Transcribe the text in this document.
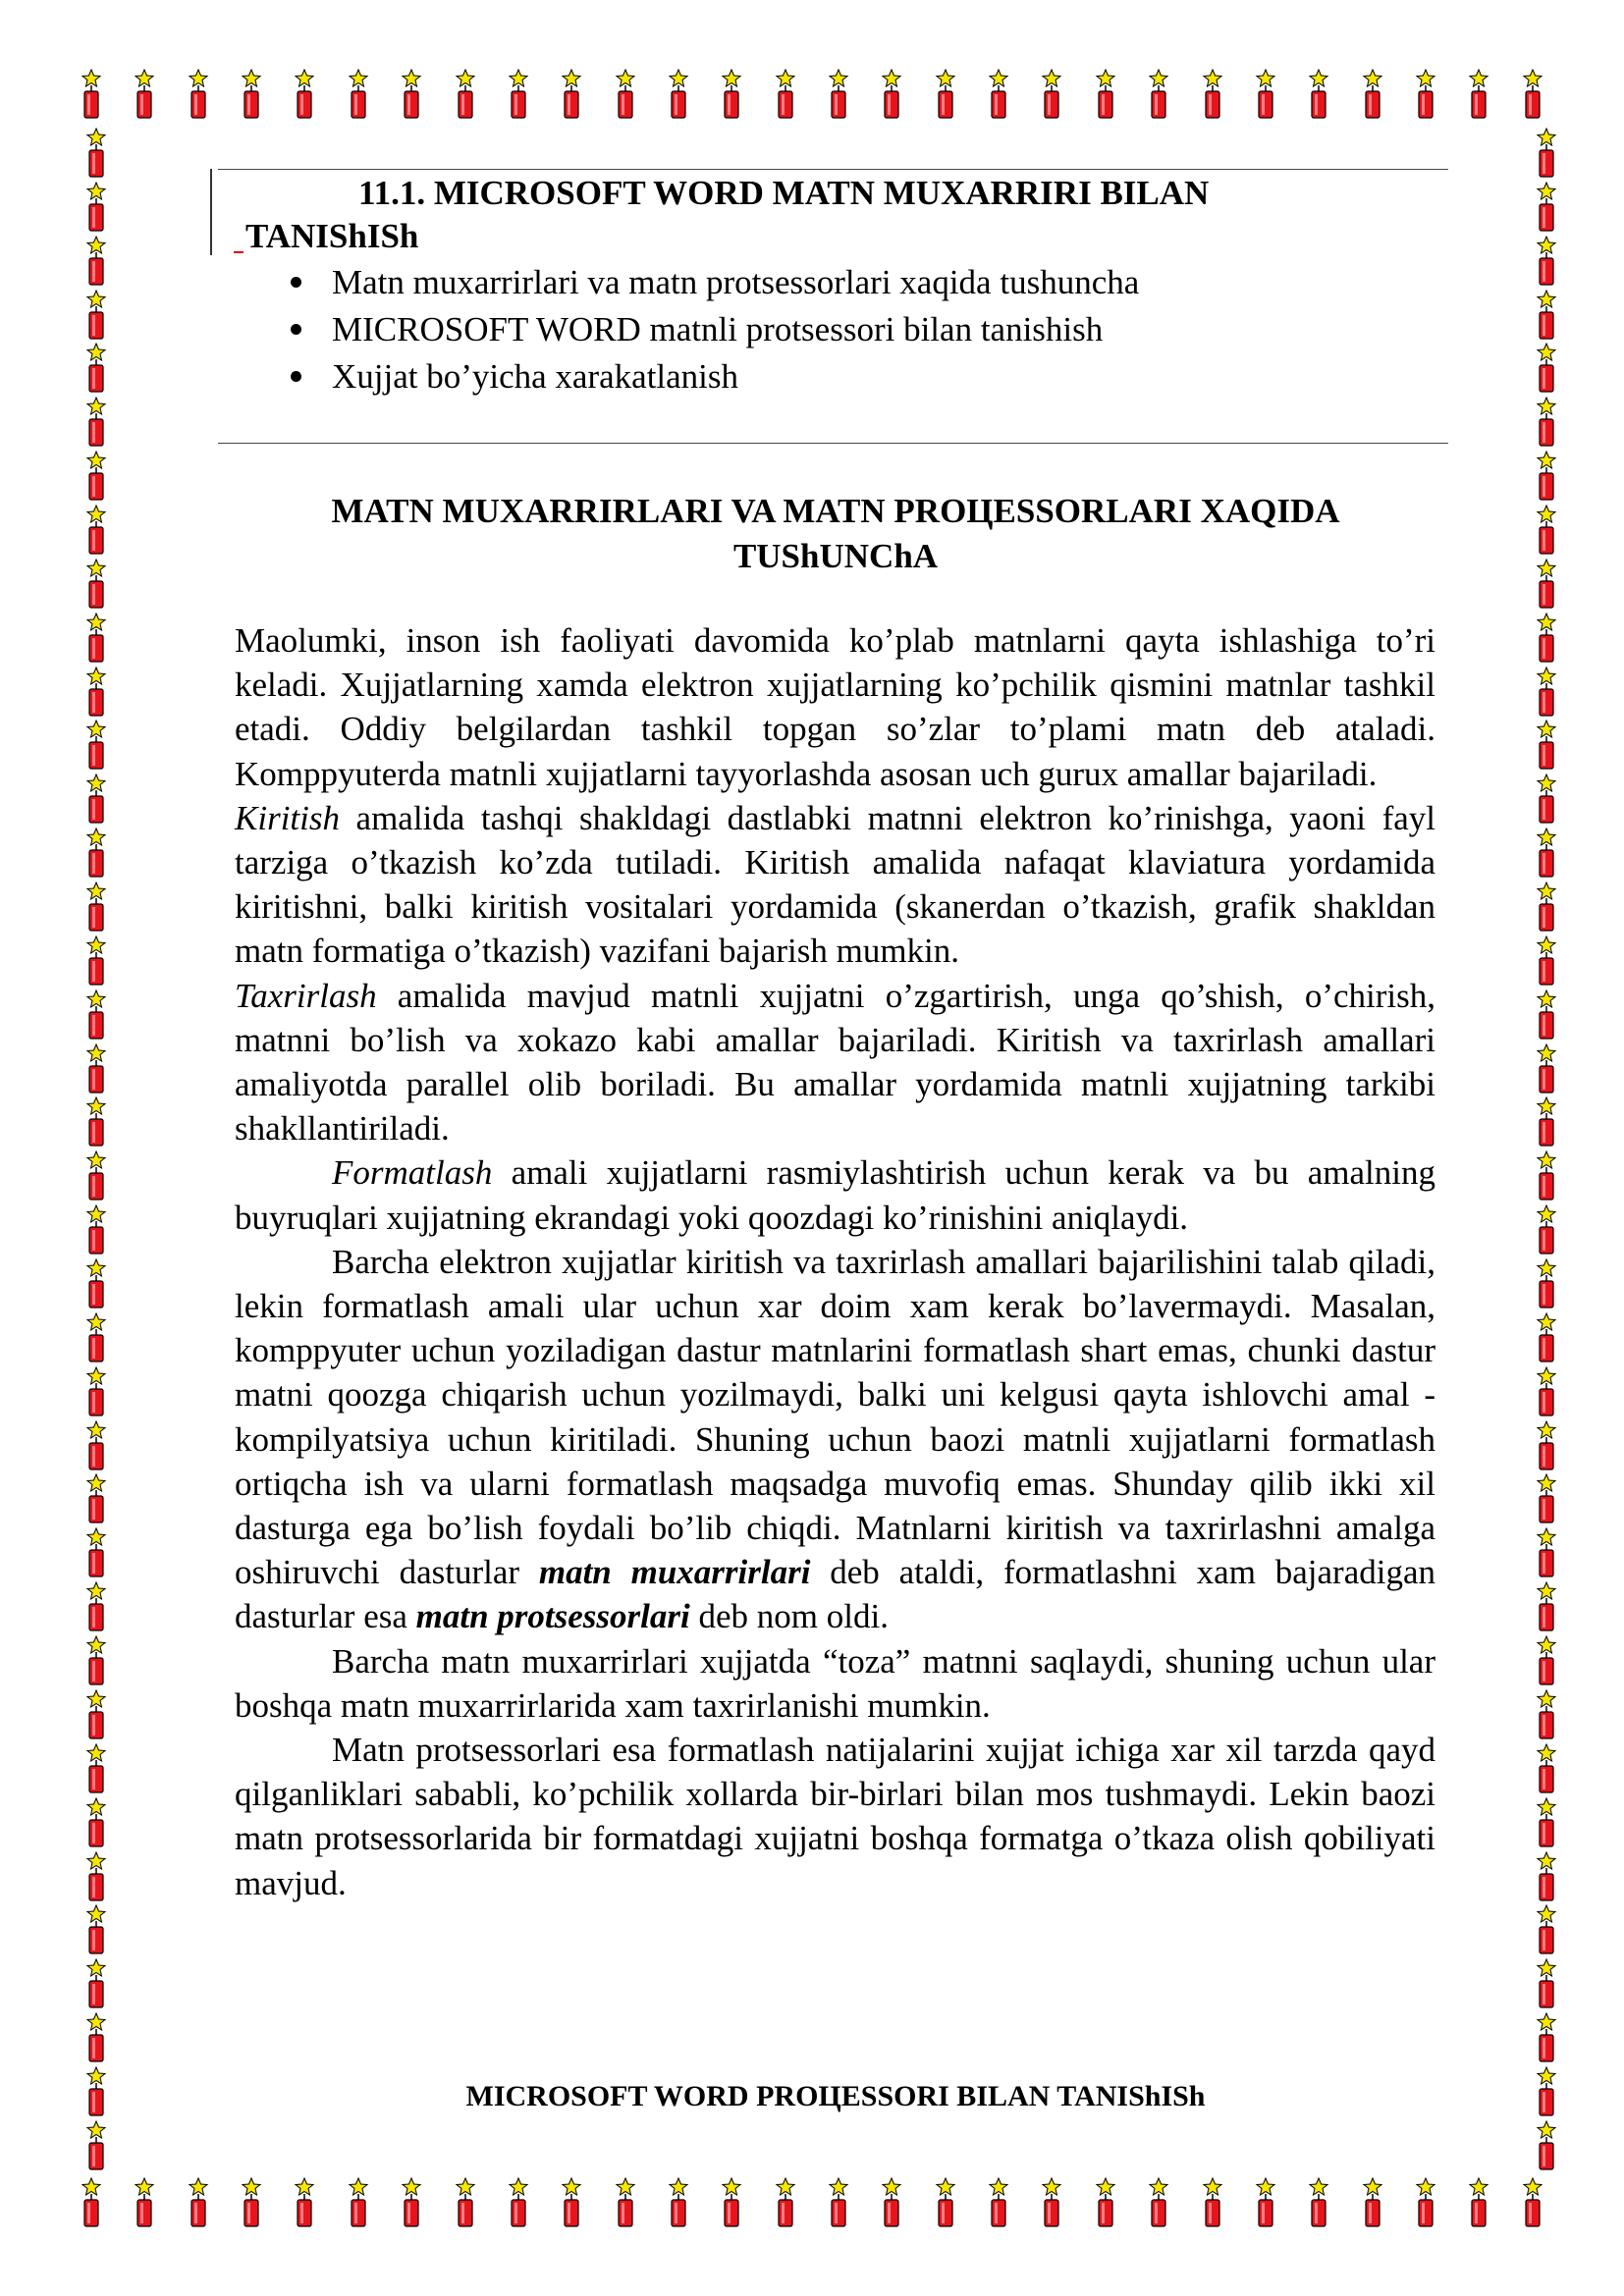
11.1. MICROSOFT WORD MATN MUXARRIRI BILAN
TANIShISh
Matn muxarrirlari va matn protsessorlari xaqida tushuncha
MICROSOFT WORD matnli protsessori bilan tanishish
Xujjat bo’yicha xarakatlanish
MATN MUXARRIRLARI VA MATN PROЦESSORLARI XAQIDA
TUShUNChA

Maolumki, inson ish faoliyati davomida ko’plab matnlarni qayta ishlashiga to’ri keladi. Xujjatlarning xamda elektron xujjatlarning ko’pchilik qismini matnlar tashkil etadi. Oddiy belgilardan tashkil topgan so’zlar to’plami matn deb ataladi. Komppyuterda matnli xujjatlarni tayyorlashda asosan uch gurux amallar bajariladi.

Kiritish amalida tashqi shakldagi dastlabki matnni elektron ko’rinishga, yaoni fayl tarziga o’tkazish ko’zda tutiladi. Kiritish amalida nafaqat klaviatura yordamida kiritishni, balki kiritish vositalari yordamida (skanerdan o’tkazish, grafik shakldan matn formatiga o’tkazish) vazifani bajarish mumkin.

Taxrirlash amalida mavjud matnli xujjatni o’zgartirish, unga qo’shish, o’chirish, matnni bo’lish va xokazo kabi amallar bajariladi. Kiritish va taxrirlash amallari amaliyotda parallel olib boriladi. Bu amallar yordamida matnli xujjatning tarkibi shakllantiriladi.

Formatlash amali xujjatlarni rasmiylashtirish uchun kerak va bu amalning buyruqlari xujjatning ekrandagi yoki qoozdagi ko’rinishini aniqlaydi.

Barcha elektron xujjatlar kiritish va taxrirlash amallari bajarilishini talab qiladi, lekin formatlash amali ular uchun xar doim xam kerak bo’lavermaydi. Masalan, komppyuter uchun yoziladigan dastur matnlarini formatlash shart emas, chunki dastur matni qoozga chiqarish uchun yozilmaydi, balki uni kelgusi qayta ishlovchi amal - kompilyatsiya uchun kiritiladi. Shuning uchun baozi matnli xujjatlarni formatlash ortiqcha ish va ularni formatlash maqsadga muvofiq emas. Shunday qilib ikki xil dasturga ega bo’lish foydali bo’lib chiqdi. Matnlarni kiritish va taxrirlashni amalga oshiruvchi dasturlar matn muxarrirlari deb ataldi, formatlashni xam bajaradigan dasturlar esa matn protsessorlari deb nom oldi.

Barcha matn muxarrirlari xujjatda “toza” matnni saqlaydi, shuning uchun ular boshqa matn muxarrirlarida xam taxrirlanishi mumkin.

Matn protsessorlari esa formatlash natijalarini xujjat ichiga xar xil tarzda qayd qilganliklari sababli, ko’pchilik xollarda bir-birlari bilan mos tushmaydi. Lekin baozi matn protsessorlarida bir formatdagi xujjatni boshqa formatga o’tkaza olish qobiliyati mavjud.

MICROSOFT WORD PROЦESSORI BILAN TANIShISh
